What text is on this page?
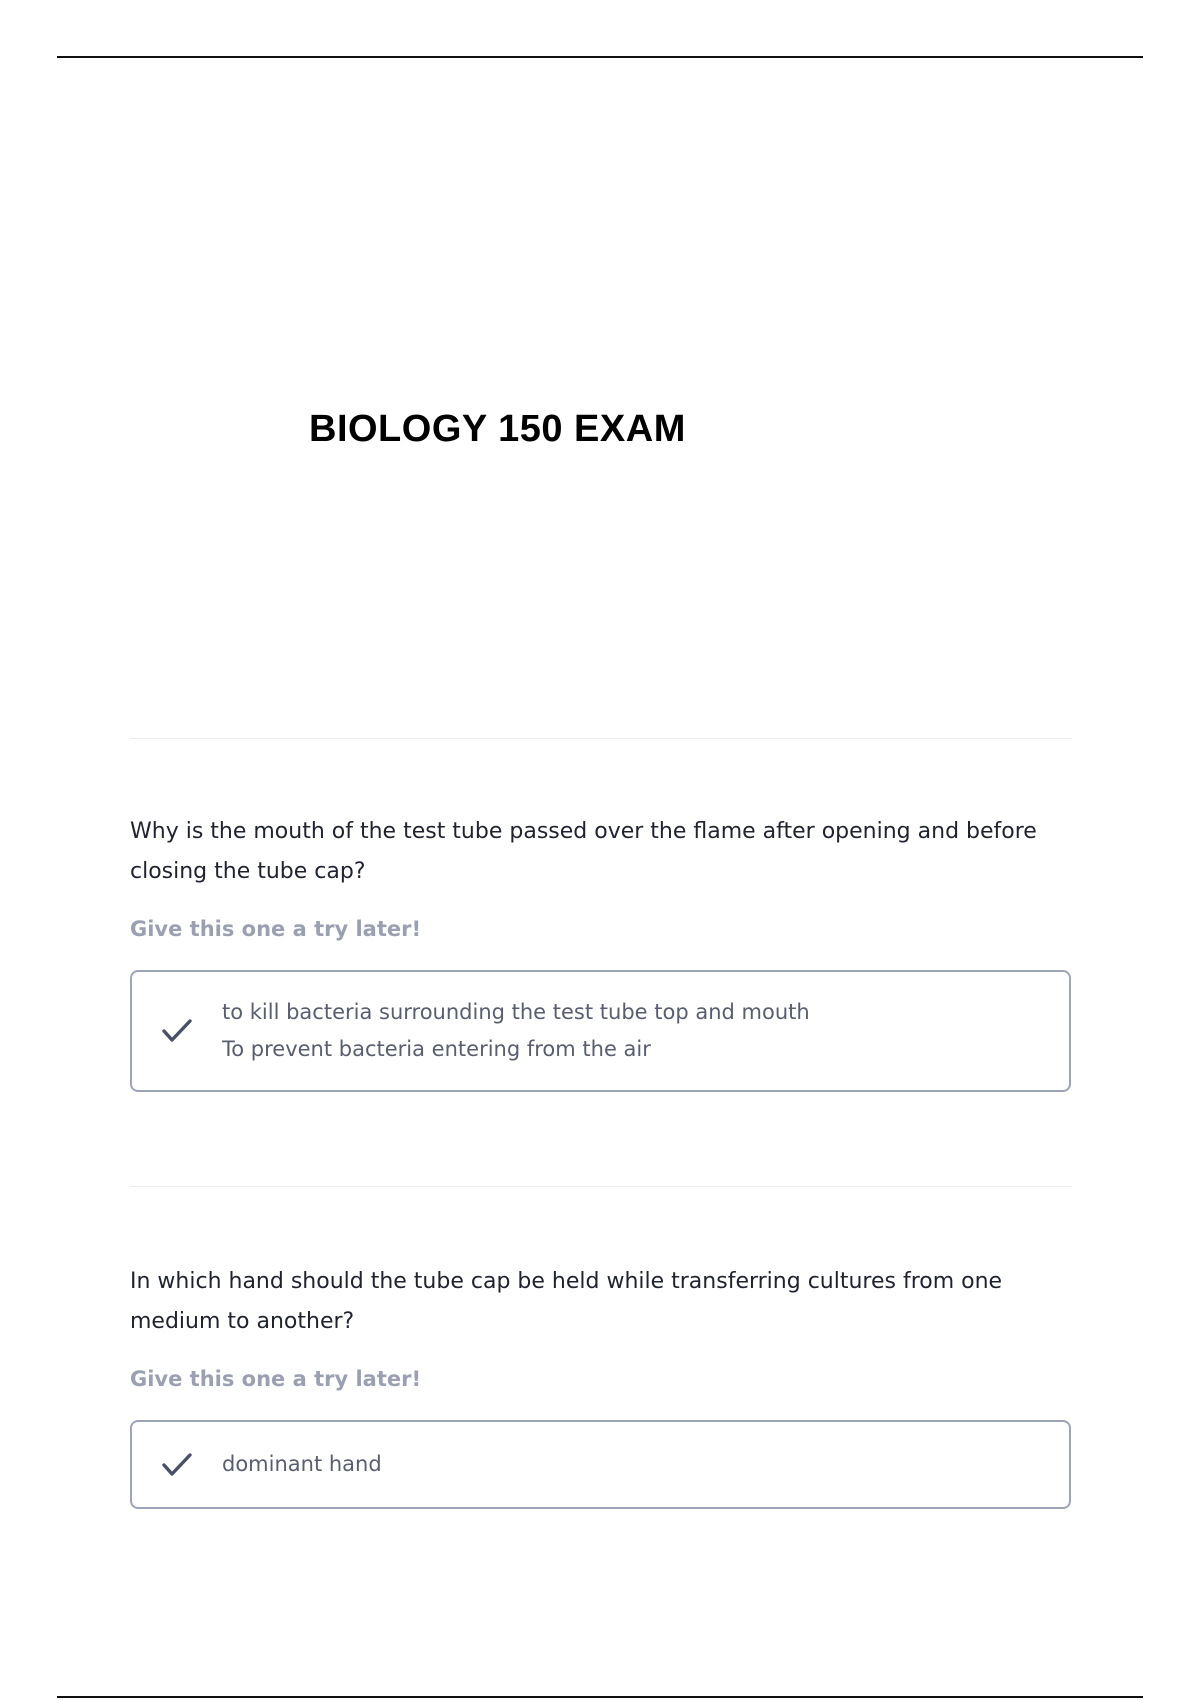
BIOLOGY 150 EXAM

Why is the mouth of the test tube passed over the flame after opening and before closing the tube cap?

Give this one a try later!
to kill bacteria surrounding the test tube top and mouth
To prevent bacteria entering from the air

In which hand should the tube cap be held while transferring cultures from one medium to another?

Give this one a try later!
dominant hand
